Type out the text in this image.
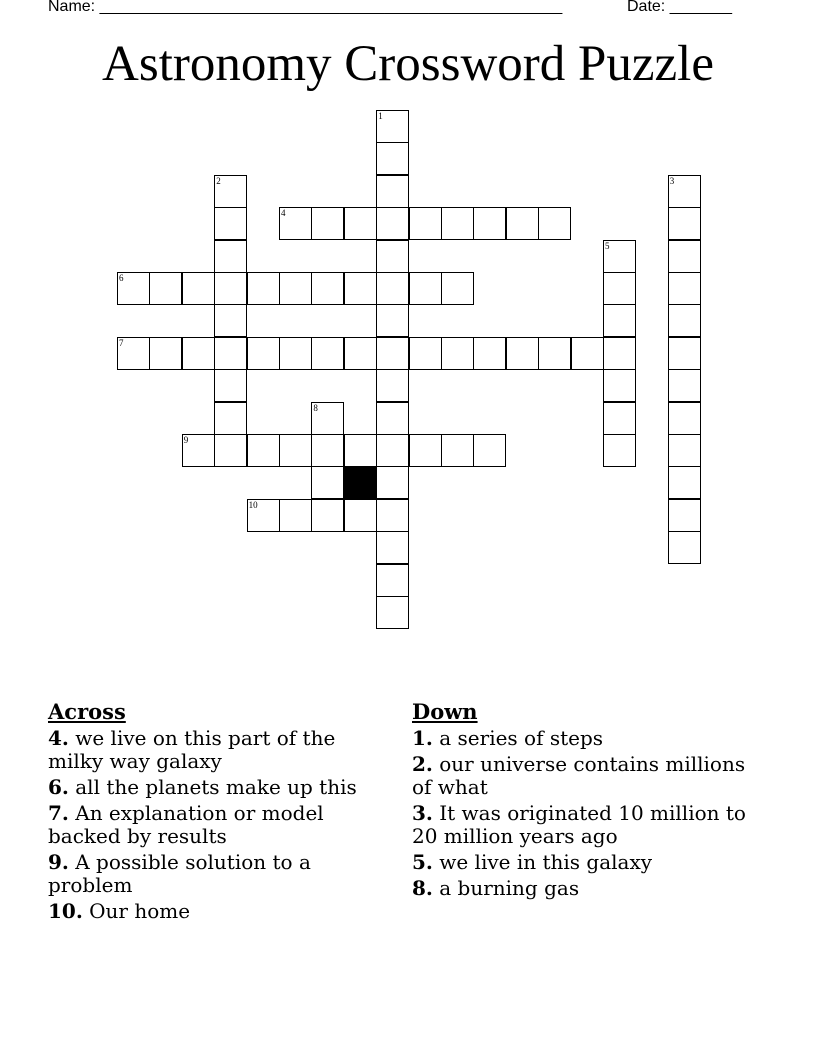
Name: ____________________________________________________	Date: _______
Astronomy Crossword Puzzle
1
2	3
4
5
6
7
8
9
10
Across
4. we live on this part of the milky way galaxy
6. all the planets make up this
7. An explanation or model backed by results
9. A possible solution to a problem
10. Our home
Down
1. a series of steps
2. our universe contains millions of what
3. It was originated 10 million to 20 million years ago
5. we live in this galaxy
8. a burning gas
